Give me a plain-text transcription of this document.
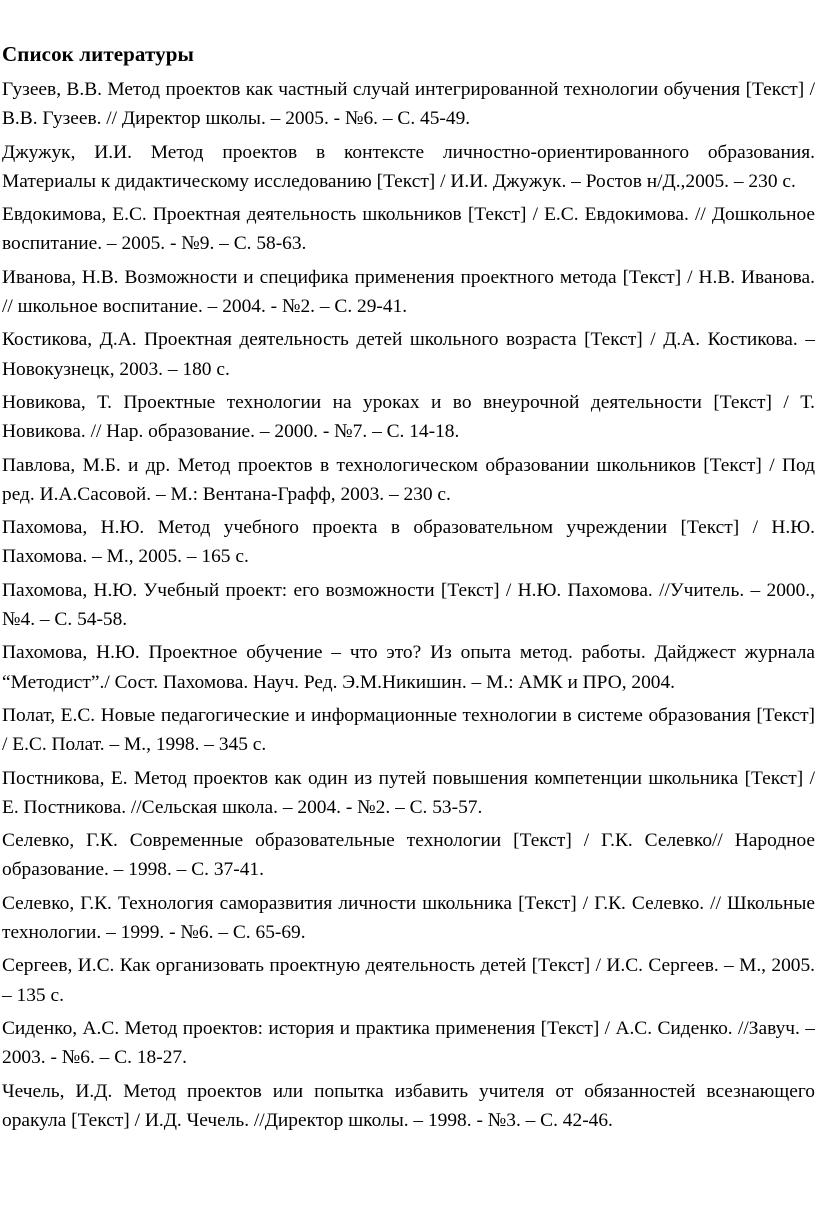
Список литературы
Гузеев, В.В. Метод проектов как частный случай интегрированной технологии обучения [Текст] / В.В. Гузеев. // Директор школы. – 2005. - №6. – С. 45-49.
Джужук, И.И. Метод проектов в контексте личностно-ориентированного образования. Материалы к дидактическому исследованию [Текст] / И.И. Джужук. – Ростов н/Д.,2005. – 230 с.
Евдокимова, Е.С. Проектная деятельность школьников [Текст] / Е.С. Евдокимова. // Дошкольное воспитание. – 2005. - №9. – С. 58-63.
Иванова, Н.В. Возможности и специфика применения проектного метода [Текст] / Н.В. Иванова. // школьное воспитание. – 2004. - №2. – С. 29-41.
Костикова, Д.А. Проектная деятельность детей школьного возраста [Текст] / Д.А. Костикова. – Новокузнецк, 2003. – 180 с.
Новикова, Т. Проектные технологии на уроках и во внеурочной деятельности [Текст] / Т. Новикова. // Нар. образование. – 2000. - №7. – С. 14-18.
Павлова, М.Б. и др. Метод проектов в технологическом образовании школьников [Текст] / Под ред. И.А.Сасовой. – М.: Вентана-Графф, 2003. – 230 с.
Пахомова, Н.Ю. Метод учебного проекта в образовательном учреждении [Текст] / Н.Ю. Пахомова. – М., 2005. – 165 с.
Пахомова, Н.Ю. Учебный проект: его возможности [Текст] / Н.Ю. Пахомова. //Учитель. – 2000., №4. – С. 54-58.
Пахомова, Н.Ю. Проектное обучение – что это? Из опыта метод. работы. Дайджест журнала “Методист”./ Сост. Пахомова. Науч. Ред. Э.М.Никишин. – М.: АМК и ПРО, 2004.
Полат, Е.С. Новые педагогические и информационные технологии в системе образования [Текст] / Е.С. Полат. – М., 1998. – 345 с.
Постникова, Е. Метод проектов как один из путей повышения компетенции школьника [Текст] / Е. Постникова. //Сельская школа. – 2004. - №2. – С. 53-57.
Селевко, Г.К. Современные образовательные технологии [Текст] / Г.К. Селевко// Народное образование. – 1998. – С. 37-41.
Селевко, Г.К. Технология саморазвития личности школьника [Текст] / Г.К. Селевко. // Школьные технологии. – 1999. - №6. – С. 65-69.
Сергеев, И.С. Как организовать проектную деятельность детей [Текст] / И.С. Сергеев. – М., 2005. – 135 с.
Сиденко, А.С. Метод проектов: история и практика применения [Текст] / А.С. Сиденко. //Завуч. – 2003. - №6. – С. 18-27.
Чечель, И.Д. Метод проектов или попытка избавить учителя от обязанностей всезнающего оракула [Текст] / И.Д. Чечель. //Директор школы. – 1998. - №3. – С. 42-46.
